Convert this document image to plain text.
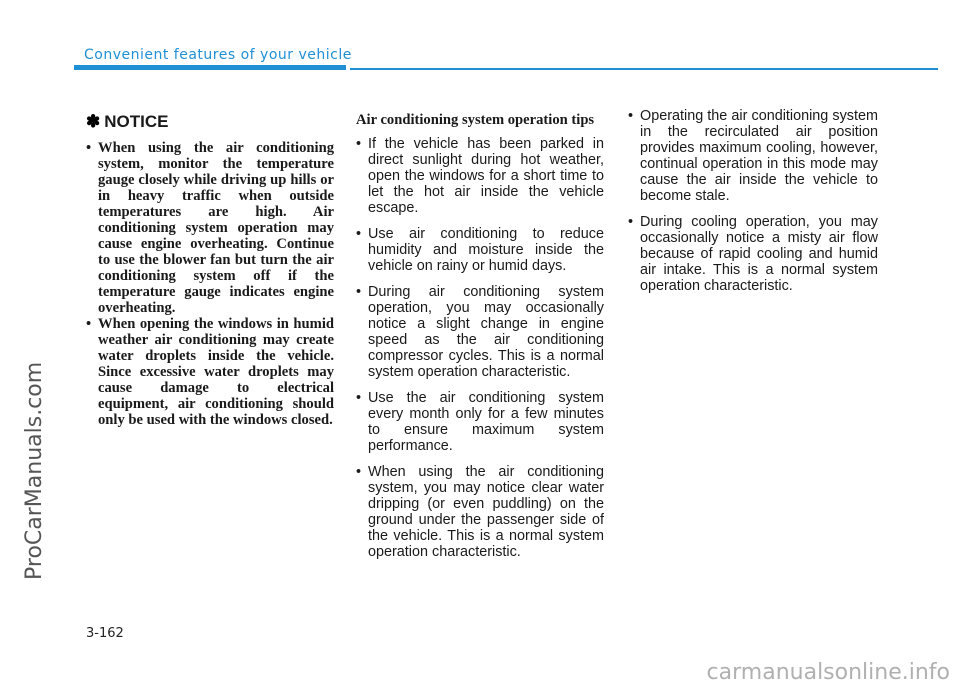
Convenient features of your vehicle
ProCarManuals.com
✽ NOTICE
• When using the air conditioning system, monitor the temperature gauge closely while driving up hills or in heavy traffic when outside temperatures are high. Air conditioning system operation may cause engine overheating. Continue to use the blower fan but turn the air conditioning system off if the temperature gauge indicates engine overheating.
• When opening the windows in humid weather air conditioning may create water droplets inside the vehicle. Since excessive water droplets may cause damage to electrical equipment, air conditioning should only be used with the windows closed.
Air conditioning system operation tips
• If the vehicle has been parked in direct sunlight during hot weather, open the windows for a short time to let the hot air inside the vehicle escape.
• Use air conditioning to reduce humidity and moisture inside the vehicle on rainy or humid days.
• During air conditioning system operation, you may occasionally notice a slight change in engine speed as the air conditioning compressor cycles. This is a normal system operation characteristic.
• Use the air conditioning system every month only for a few minutes to ensure maximum system performance.
• When using the air conditioning system, you may notice clear water dripping (or even puddling) on the ground under the passenger side of the vehicle. This is a normal system operation characteristic.
• Operating the air conditioning system in the recirculated air position provides maximum cooling, however, continual operation in this mode may cause the air inside the vehicle to become stale.
• During cooling operation, you may occasionally notice a misty air flow because of rapid cooling and humid air intake. This is a normal system operation characteristic.
3-162
carmanualsonline.info
